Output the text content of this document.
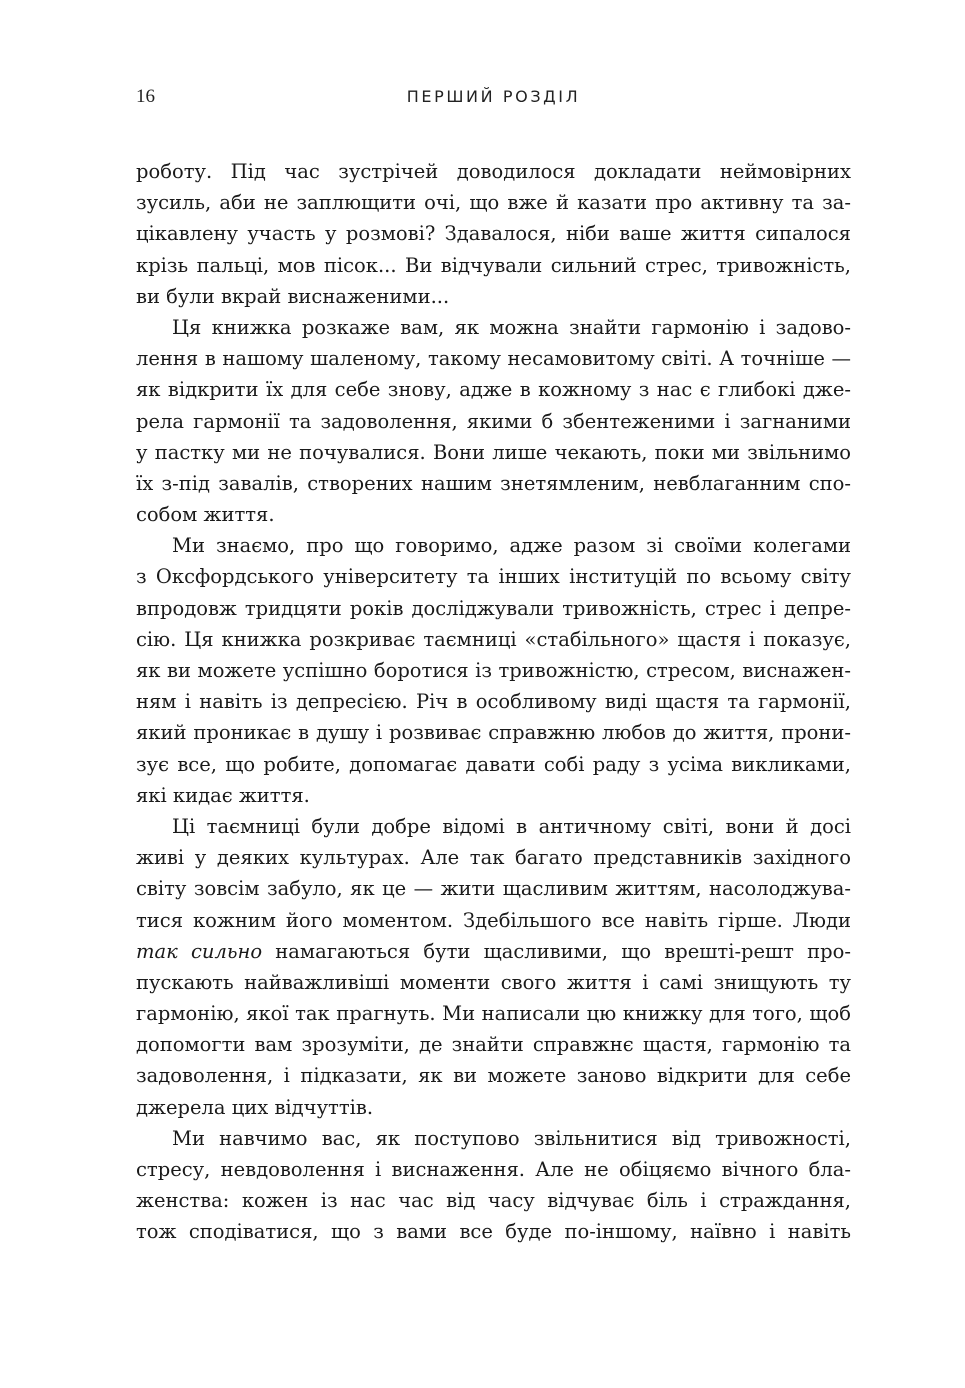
16	ПЕРШИЙ РОЗДІЛ
роботу. Під час зустрічей доводилося докладати неймовірних
зусиль, аби не заплющити очі, що вже й казати про активну та за-
цікавлену участь у розмові? Здавалося, ніби ваше життя сипалося
крізь пальці, мов пісок... Ви відчували сильний стрес, тривожність,
ви були вкрай виснаженими...
Ця книжка розкаже вам, як можна знайти гармонію і задово-
лення в нашому шаленому, такому несамовитому світі. А точніше —
як відкрити їх для себе знову, адже в кожному з нас є глибокі дже-
рела гармонії та задоволення, якими б збентеженими і загнаними
у пастку ми не почувалися. Вони лише чекають, поки ми звільнимо
їх з-під завалів, створених нашим знетямленим, невблаганним спо-
собом життя.
Ми знаємо, про що говоримо, адже разом зі своїми колегами
з Оксфордського університету та інших інституцій по всьому світу
впродовж тридцяти років досліджували тривожність, стрес і депре-
сію. Ця книжка розкриває таємниці «стабільного» щастя і показує,
як ви можете успішно боротися із тривожністю, стресом, виснажен-
ням і навіть із депресією. Річ в особливому виді щастя та гармонії,
який проникає в душу і розвиває справжню любов до життя, прони-
зує все, що робите, допомагає давати собі раду з усіма викликами,
які кидає життя.
Ці таємниці були добре відомі в античному світі, вони й досі
живі у деяких культурах. Але так багато представників західного
світу зовсім забуло, як це — жити щасливим життям, насолоджува-
тися кожним його моментом. Здебільшого все навіть гірше. Люди
так сильно намагаються бути щасливими, що врешті-решт про-
пускають найважливіші моменти свого життя і самі знищують ту
гармонію, якої так прагнуть. Ми написали цю книжку для того, щоб
допомогти вам зрозуміти, де знайти справжнє щастя, гармонію та
задоволення, і підказати, як ви можете заново відкрити для себе
джерела цих відчуттів.
Ми навчимо вас, як поступово звільнитися від тривожності,
стресу, невдоволення і виснаження. Але не обіцяємо вічного бла-
женства: кожен із нас час від часу відчуває біль і страждання,
тож сподіватися, що з вами все буде по-іншому, наївно і навіть
